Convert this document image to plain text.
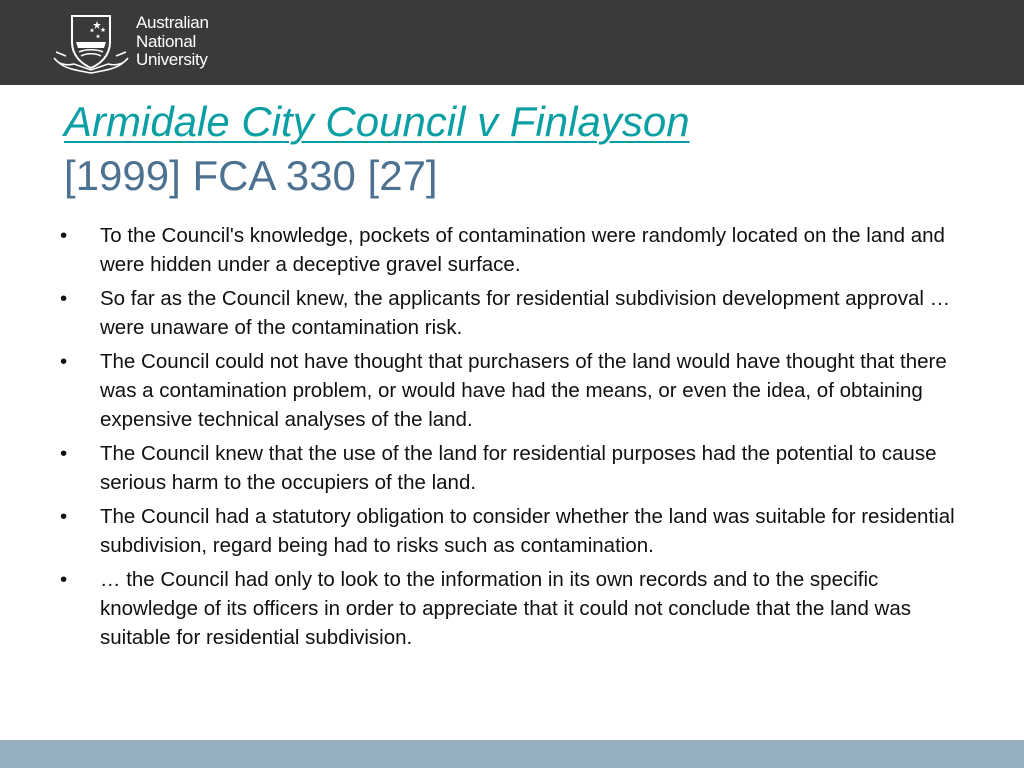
Australian
National
University
Armidale City Council v Finlayson
[1999] FCA 330 [27]
• To the Council's knowledge, pockets of contamination were randomly located on the land and were hidden under a deceptive gravel surface.
• So far as the Council knew, the applicants for residential subdivision development approval … were unaware of the contamination risk.
• The Council could not have thought that purchasers of the land would have thought that there was a contamination problem, or would have had the means, or even the idea, of obtaining expensive technical analyses of the land.
• The Council knew that the use of the land for residential purposes had the potential to cause serious harm to the occupiers of the land.
• The Council had a statutory obligation to consider whether the land was suitable for residential subdivision, regard being had to risks such as contamination.
• … the Council had only to look to the information in its own records and to the specific knowledge of its officers in order to appreciate that it could not conclude that the land was suitable for residential subdivision.
